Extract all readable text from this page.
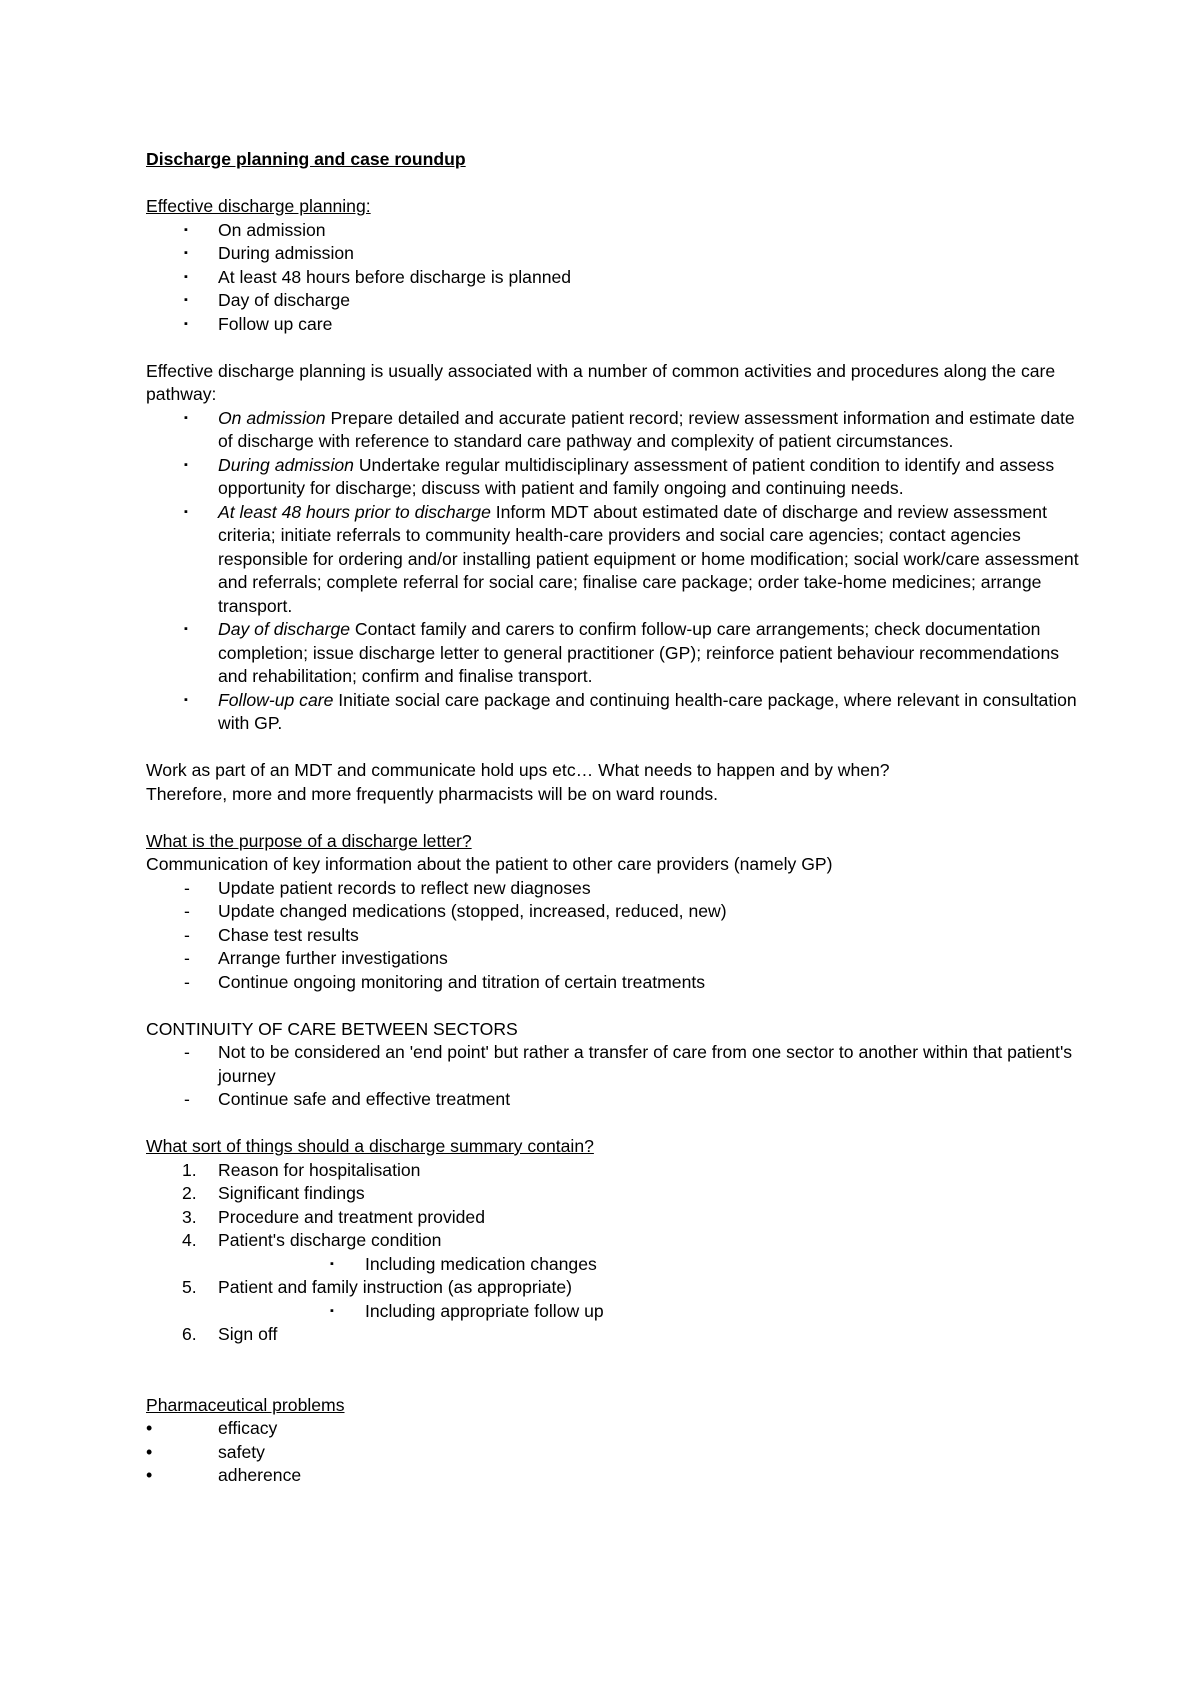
Discharge planning and case roundup

Effective discharge planning:

▪ On admission
▪ During admission
▪ At least 48 hours before discharge is planned
▪ Day of discharge
▪ Follow up care

Effective discharge planning is usually associated with a number of common activities and procedures along the care pathway:

▪ On admission Prepare detailed and accurate patient record; review assessment information and estimate date of discharge with reference to standard care pathway and complexity of patient circumstances.
▪ During admission Undertake regular multidisciplinary assessment of patient condition to identify and assess opportunity for discharge; discuss with patient and family ongoing and continuing needs.
▪ At least 48 hours prior to discharge Inform MDT about estimated date of discharge and review assessment criteria; initiate referrals to community health-care providers and social care agencies; contact agencies responsible for ordering and/or installing patient equipment or home modification; social work/care assessment and referrals; complete referral for social care; finalise care package; order take-home medicines; arrange transport.
▪ Day of discharge Contact family and carers to confirm follow-up care arrangements; check documentation completion; issue discharge letter to general practitioner (GP); reinforce patient behaviour recommendations and rehabilitation; confirm and finalise transport.
▪ Follow-up care Initiate social care package and continuing health-care package, where relevant in consultation with GP.

Work as part of an MDT and communicate hold ups etc… What needs to happen and by when?

Therefore, more and more frequently pharmacists will be on ward rounds.

What is the purpose of a discharge letter?

Communication of key information about the patient to other care providers (namely GP)

- Update patient records to reflect new diagnoses
- Update changed medications (stopped, increased, reduced, new)
- Chase test results
- Arrange further investigations
- Continue ongoing monitoring and titration of certain treatments

CONTINUITY OF CARE BETWEEN SECTORS

- Not to be considered an 'end point' but rather a transfer of care from one sector to another within that patient's journey
- Continue safe and effective treatment

What sort of things should a discharge summary contain?

1. Reason for hospitalisation
2. Significant findings
3. Procedure and treatment provided
4. Patient's discharge condition
▪ Including medication changes
5. Patient and family instruction (as appropriate)
▪ Including appropriate follow up
6. Sign off

Pharmaceutical problems

•	efficacy
•	safety
•	adherence
